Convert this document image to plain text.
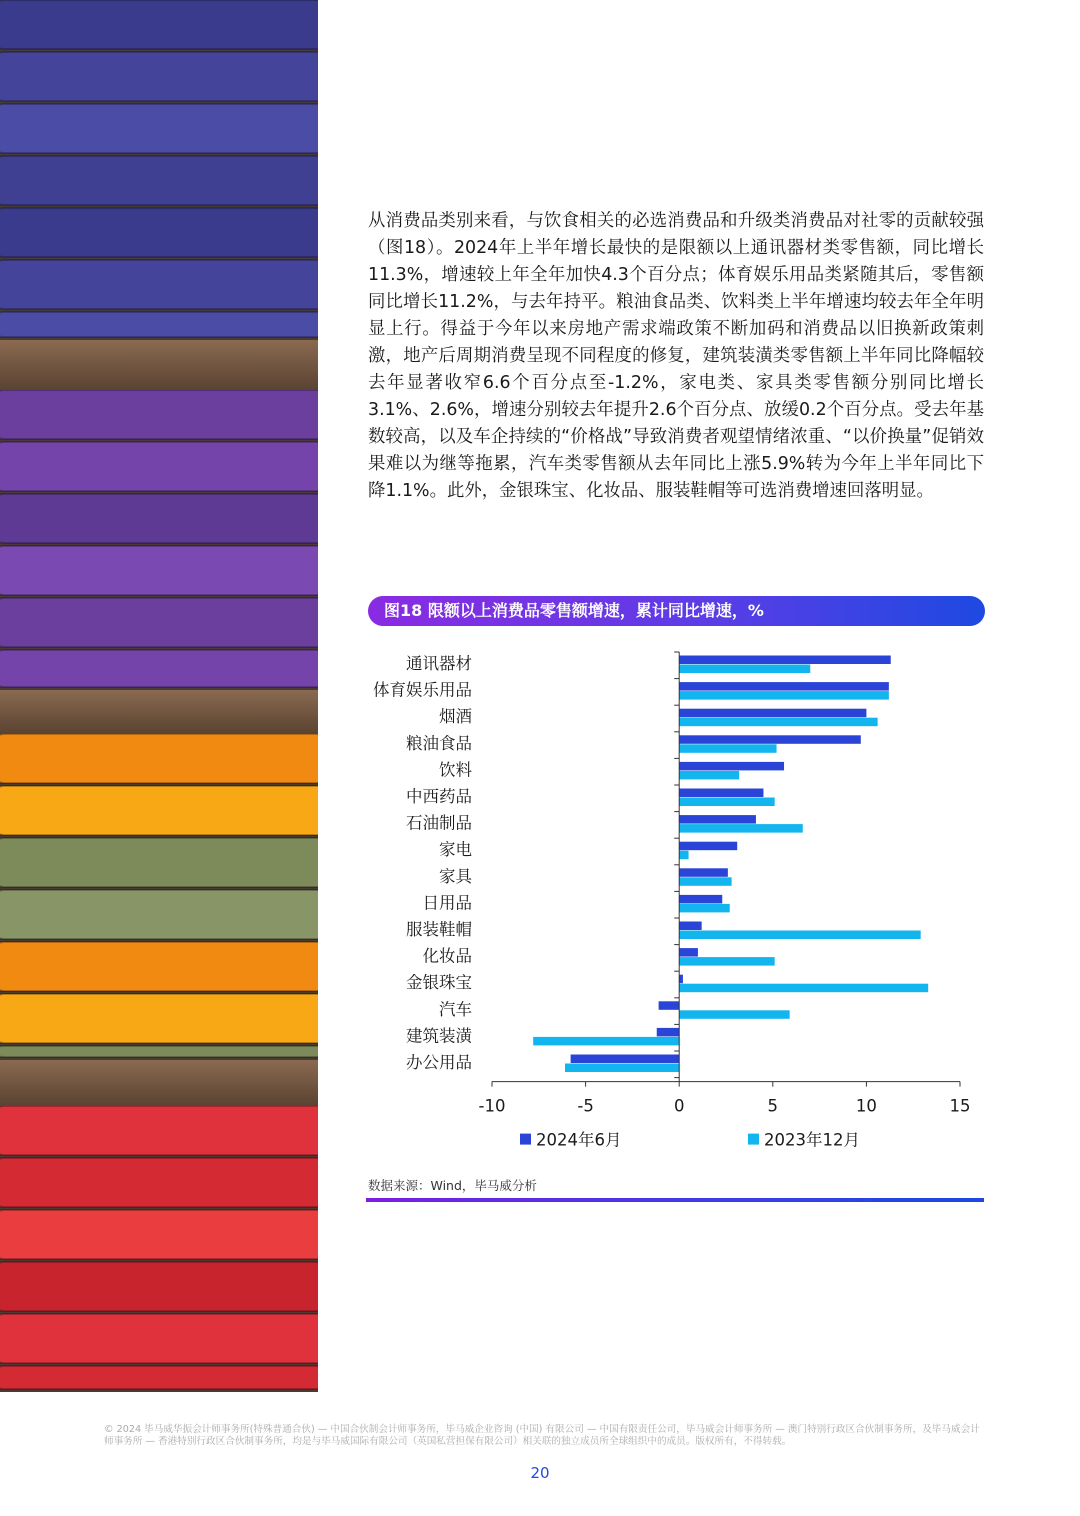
从消费品类别来看，与饮食相关的必选消费品和升级类消费品对社零的贡献较强（图18）。2024年上半年增长最快的是限额以上通讯器材类零售额，同比增长11.3%，增速较上年全年加快4.3个百分点；体育娱乐用品类紧随其后，零售额同比增长11.2%，与去年持平。粮油食品类、饮料类上半年增速均较去年全年明显上行。得益于今年以来房地产需求端政策不断加码和消费品以旧换新政策刺激，地产后周期消费呈现不同程度的修复，建筑装潢类零售额上半年同比降幅较去年显著收窄6.6个百分点至-1.2%，家电类、家具类零售额分别同比增长3.1%、2.6%，增速分别较去年提升2.6个百分点、放缓0.2个百分点。受去年基数较高，以及车企持续的“价格战”导致消费者观望情绪浓重、“以价换量”促销效果难以为继等拖累，汽车类零售额从去年同比上涨5.9%转为今年上半年同比下降1.1%。此外，金银珠宝、化妆品、服装鞋帽等可选消费增速回落明显。

图18 限额以上消费品零售额增速，累计同比增速，%
通讯器材
体育娱乐用品
烟酒
粮油食品
饮料
中西药品
石油制品
家电
家具
日用品
服装鞋帽
化妆品
金银珠宝
汽车
建筑装潢
办公用品
-10	-5	0	5	10	15
2024年6月	2023年12月
数据来源：Wind，毕马威分析
© 2024 毕马威华振会计师事务所(特殊普通合伙) — 中国合伙制会计师事务所，毕马威企业咨询 (中国) 有限公司 — 中国有限责任公司，毕马威会计师事务所 — 澳门特别行政区合伙制事务所，及毕马威会计师事务所 — 香港特别行政区合伙制事务所，均是与毕马威国际有限公司（英国私营担保有限公司）相关联的独立成员所全球组织中的成员。版权所有，不得转载。
20
